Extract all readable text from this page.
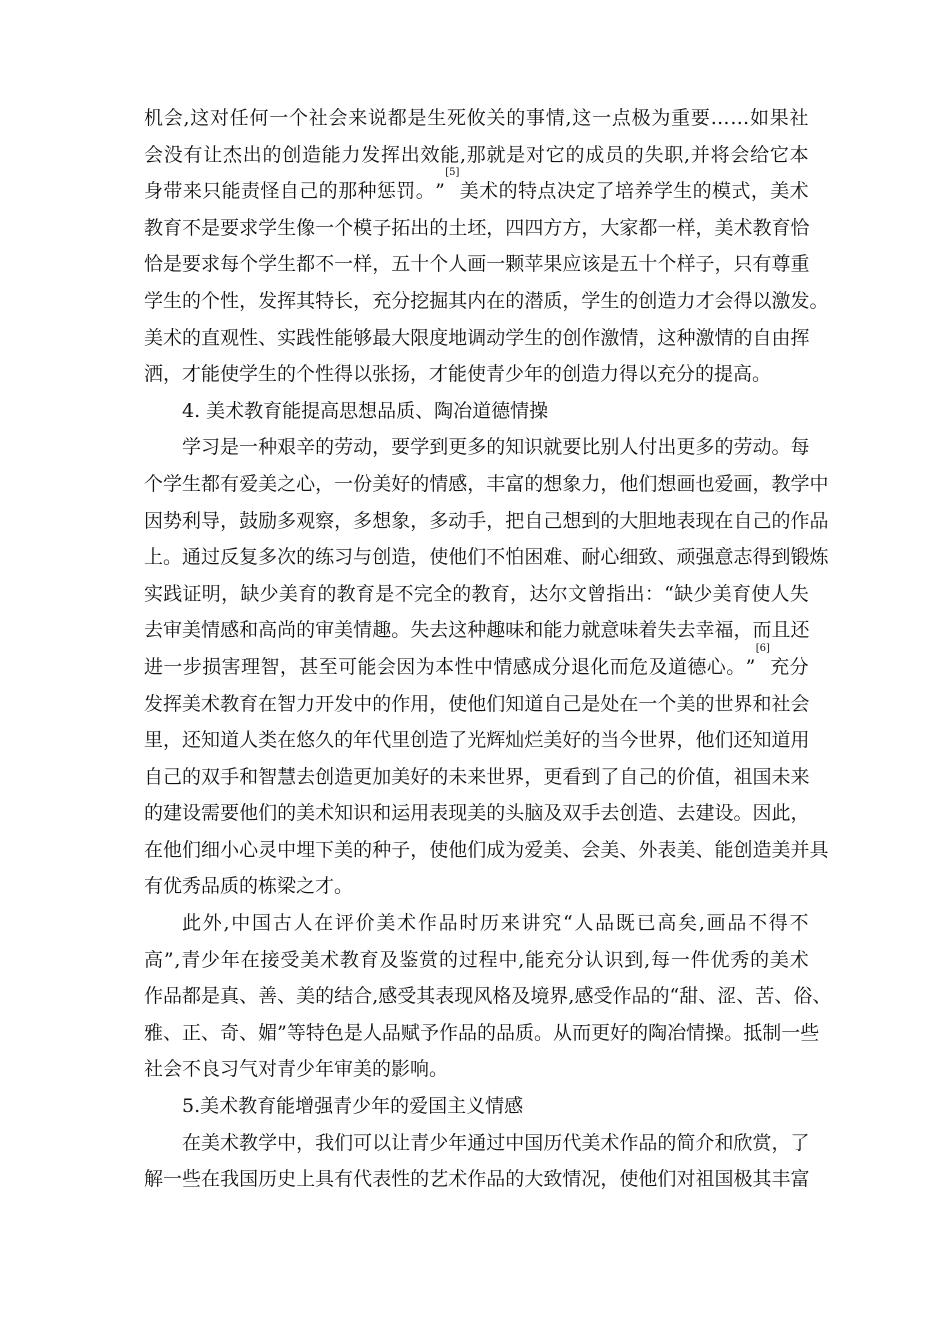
机 会 , 这 对 任 何 一 个 社 会 来 说 都 是 生 死 攸 关 的 事 情 , 这 一 点 极 为 重 要 … … 如 果 社
会 没 有 让 杰 出 的 创 造 能 力 发 挥 出 效 能 , 那 就 是 对 它 的 成 员 的 失 职 , 并 将 会 给 它 本
身 带 来 只 能 责 怪 自 己 的 那 种 惩 罚 。 ”
[5]
美 术 的 特 点 决 定 了 培 养 学 生 的 模 式 ， 美 术
教 育 不 是 要 求 学 生 像 一 个 模 子 拓 出 的 土 坯 ， 四 四 方 方 ， 大 家 都 一 样 ， 美 术 教 育 恰
恰 是 要 求 每 个 学 生 都 不 一 样 ， 五 十 个 人 画 一 颗 苹 果 应 该 是 五 十 个 样 子 ， 只 有 尊 重
学 生 的 个 性 ， 发 挥 其 特 长 ， 充 分 挖 掘 其 内 在 的 潜 质 ， 学 生 的 创 造 力 才 会 得 以 激 发 。
美 术 的 直 观 性 、 实 践 性 能 够 最 大 限 度 地 调 动 学 生 的 创 作 激 情 ， 这 种 激 情 的 自 由 挥
洒，才能使学生的个性得以张扬，才能使青少年的创造力得以充分的提高。
4. 美术教育能提高思想品质、陶冶道德情操
学 习 是 一 种 艰 辛 的 劳 动 ， 要 学 到 更 多 的 知 识 就 要 比 别 人 付 出 更 多 的 劳 动 。 每
个 学 生 都 有 爱 美 之 心 ， 一 份 美 好 的 情 感 ， 丰 富 的 想 象 力 ， 他 们 想 画 也 爱 画 ， 教 学 中
因 势 利 导 ， 鼓 励 多 观 察 ， 多 想 象 ， 多 动 手 ， 把 自 己 想 到 的 大 胆 地 表 现 在 自 己 的 作 品
上 。 通 过 反 复 多 次 的 练 习 与 创 造 ， 使 他 们 不 怕 困 难 、 耐 心 细 致 、 顽 强 意 志 得 到 锻 炼
实 践 证 明 ， 缺 少 美 育 的 教 育 是 不 完 全 的 教 育 ， 达 尔 文 曾 指 出 ： “ 缺 少 美 育 使 人 失
去 审 美 情 感 和 高 尚 的 审 美 情 趣 。 失 去 这 种 趣 味 和 能 力 就 意 味 着 失 去 幸 福 ， 而 且 还
进 一 步 损 害 理 智 ， 甚 至 可 能 会 因 为 本 性 中 情 感 成 分 退 化 而 危 及 道 德 心 。 ”
[6]
充 分
发 挥 美 术 教 育 在 智 力 开 发 中 的 作 用 ， 使 他 们 知 道 自 己 是 处 在 一 个 美 的 世 界 和 社 会
里 ， 还 知 道 人 类 在 悠 久 的 年 代 里 创 造 了 光 辉 灿 烂 美 好 的 当 今 世 界 ， 他 们 还 知 道 用
自 己 的 双 手 和 智 慧 去 创 造 更 加 美 好 的 未 来 世 界 ， 更 看 到 了 自 己 的 价 值 ， 祖 国 未 来
的 建 设 需 要 他 们 的 美 术 知 识 和 运 用 表 现 美 的 头 脑 及 双 手 去 创 造 、 去 建 设 。 因 此 ，
在 他 们 细 小 心 灵 中 埋 下 美 的 种 子 ， 使 他 们 成 为 爱 美 、 会 美 、 外 表 美 、 能 创 造 美 并 具
有优秀品质的栋梁之才。
此 外 , 中 国 古 人 在 评 价 美 术 作 品 时 历 来 讲 究 “ 人 品 既 已 高 矣 , 画 品 不 得 不
高 ” , 青 少 年 在 接 受 美 术 教 育 及 鉴 赏 的 过 程 中 , 能 充 分 认 识 到 , 每 一 件 优 秀 的 美 术
作 品 都 是 真 、 善 、 美 的 结 合 , 感 受 其 表 现 风 格 及 境 界 , 感 受 作 品 的 “ 甜 、 涩 、 苦 、 俗 、
雅 、 正 、 奇 、 媚 ” 等 特 色 是 人 品 赋 予 作 品 的 品 质 。 从 而 更 好 的 陶 冶 情 操 。 抵 制 一 些
社会不良习气对青少年审美的影响。
5.美术教育能增强青少年的爱国主义情感
在 美 术 教 学 中 ， 我 们 可 以 让 青 少 年 通 过 中 国 历 代 美 术 作 品 的 简 介 和 欣 赏 ， 了
解 一 些 在 我 国 历 史 上 具 有 代 表 性 的 艺 术 作 品 的 大 致 情 况 ， 使 他 们 对 祖 国 极 其 丰 富
